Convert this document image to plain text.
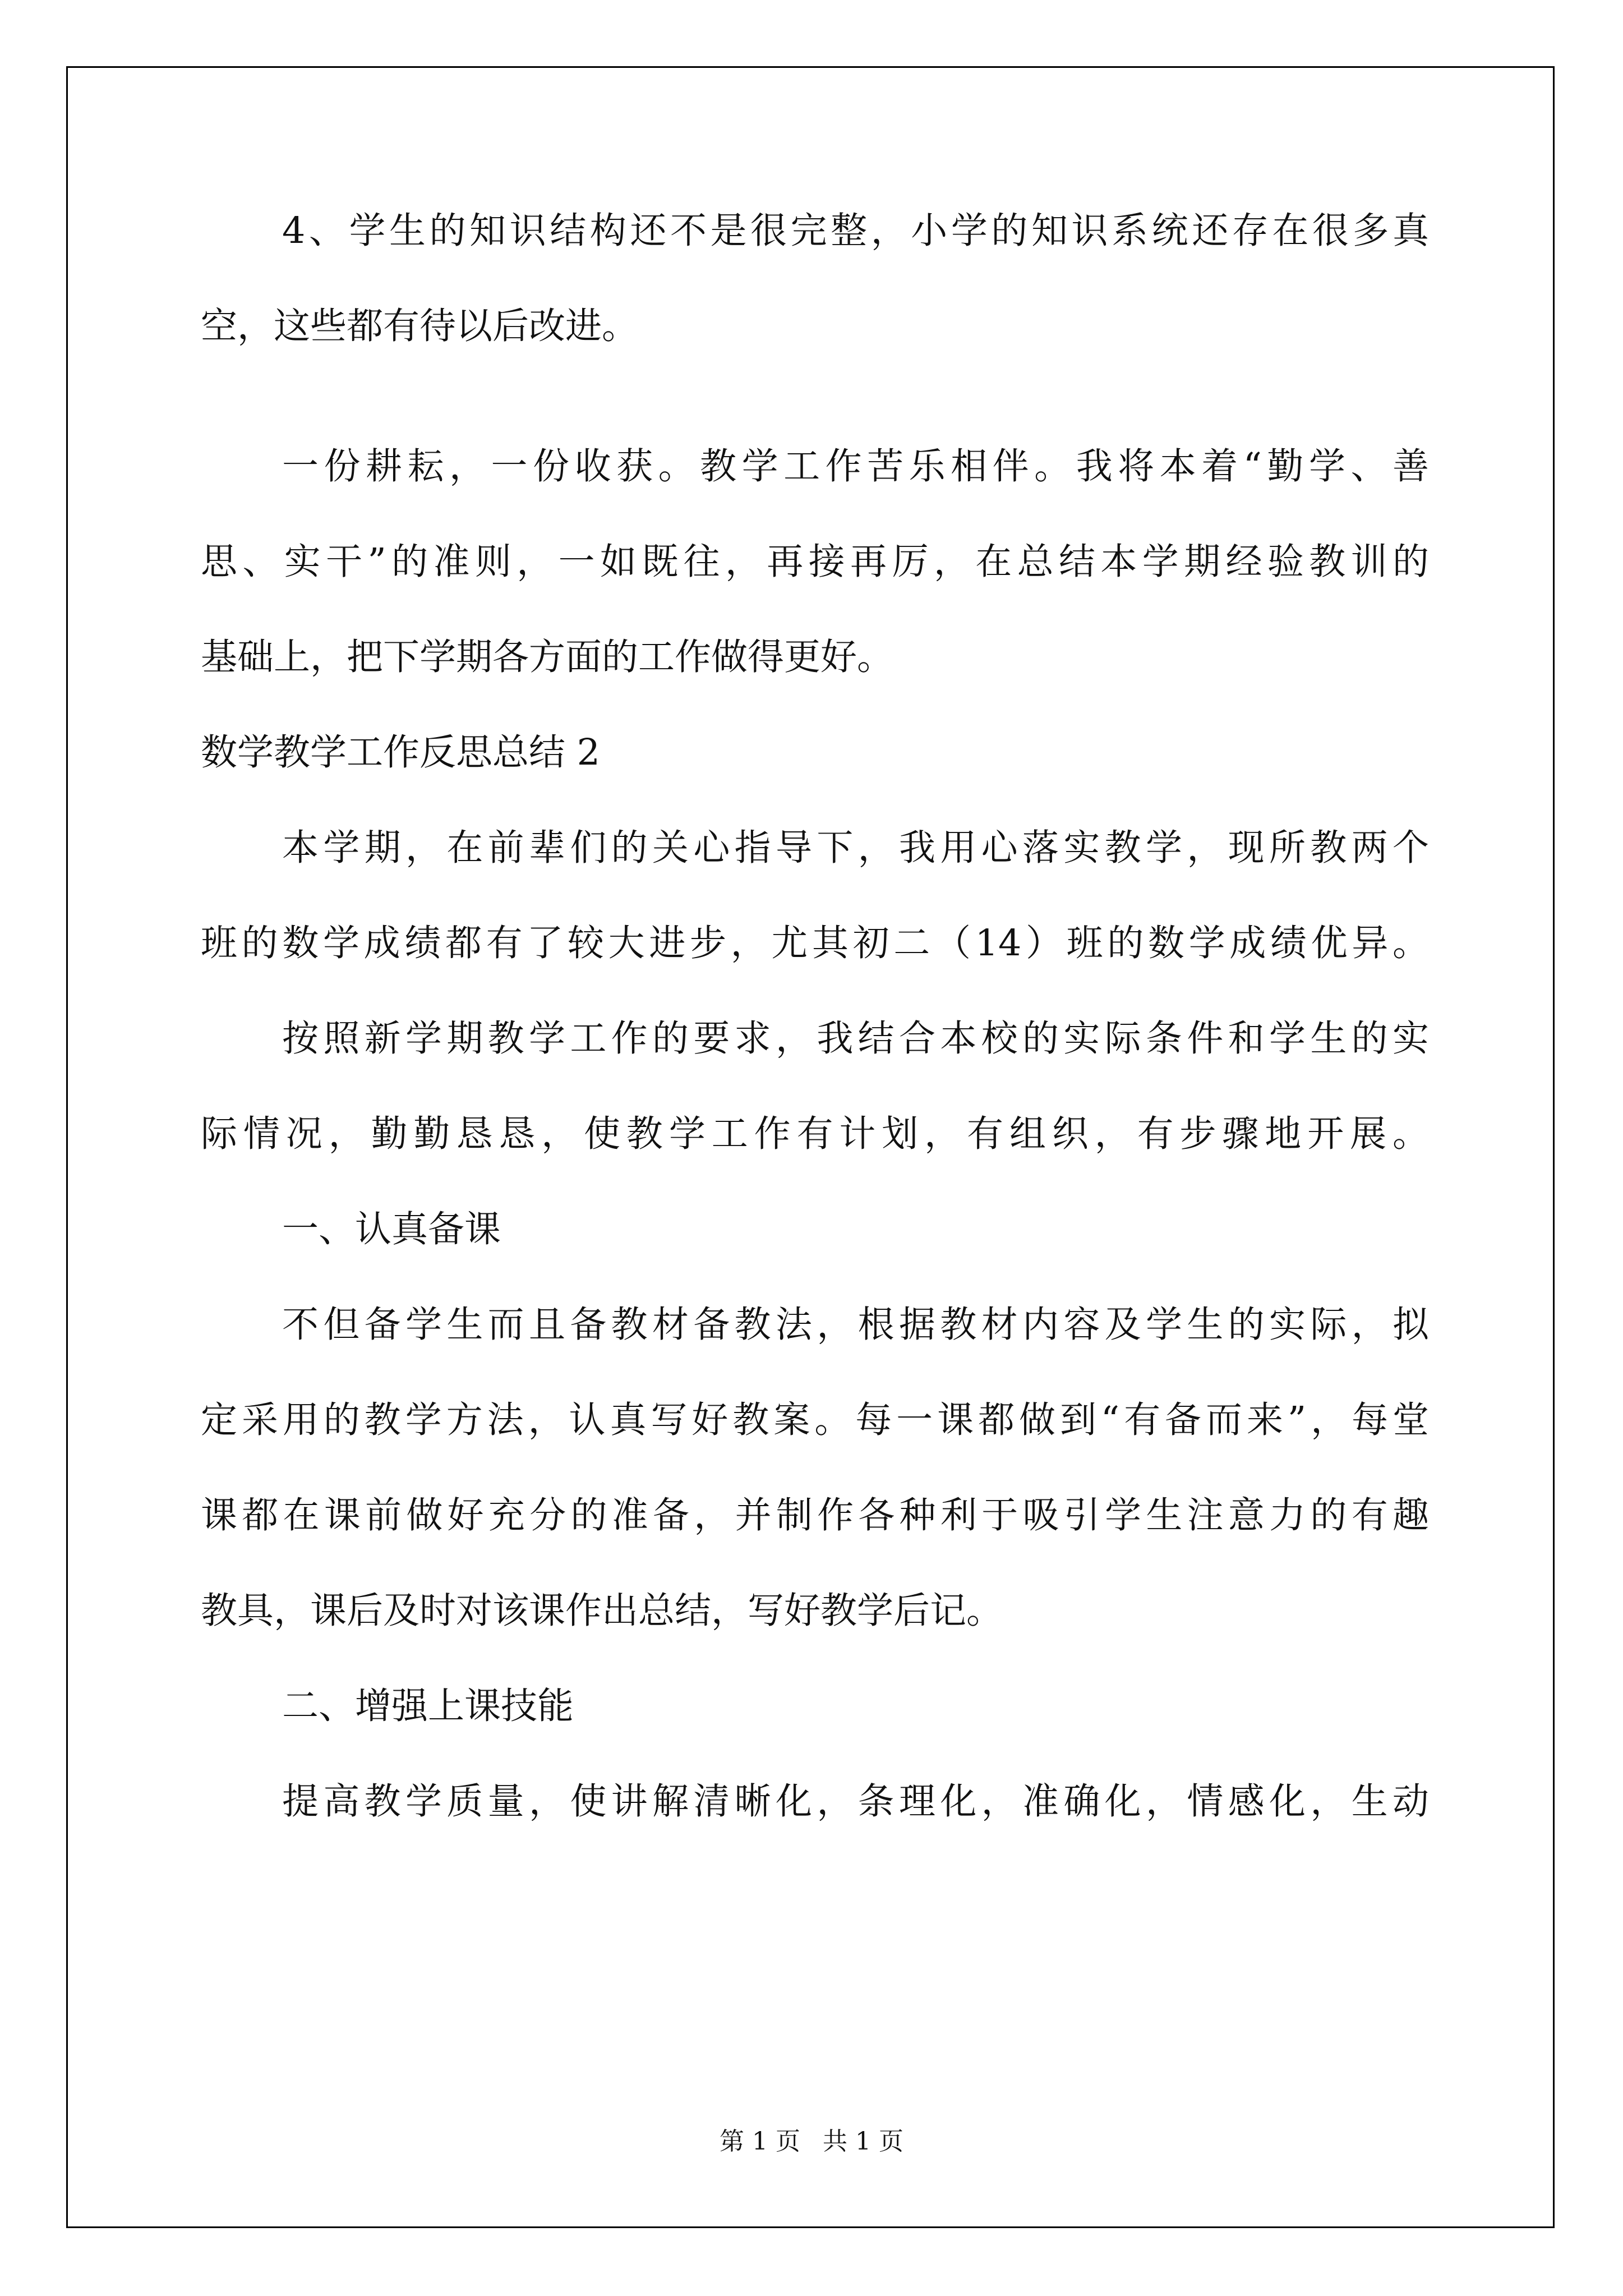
4、学生的知识结构还不是很完整，小学的知识系统还存在很多真
空，这些都有待以后改进。
一份耕耘，一份收获。教学工作苦乐相伴。我将本着“勤学、善
思、实干”的准则，一如既往，再接再厉，在总结本学期经验教训的
基础上，把下学期各方面的工作做得更好。
数学教学工作反思总结 2
本学期，在前辈们的关心指导下，我用心落实教学，现所教两个
班的数学成绩都有了较大进步，尤其初二（14）班的数学成绩优异。
按照新学期教学工作的要求，我结合本校的实际条件和学生的实
际情况，勤勤恳恳，使教学工作有计划，有组织，有步骤地开展。
一、认真备课
不但备学生而且备教材备教法，根据教材内容及学生的实际，拟
定采用的教学方法，认真写好教案。每一课都做到“有备而来”，每堂
课都在课前做好充分的准备，并制作各种利于吸引学生注意力的有趣
教具，课后及时对该课作出总结，写好教学后记。
二、增强上课技能
提高教学质量，使讲解清晰化，条理化，准确化，情感化，生动
第 1 页 共 1 页
